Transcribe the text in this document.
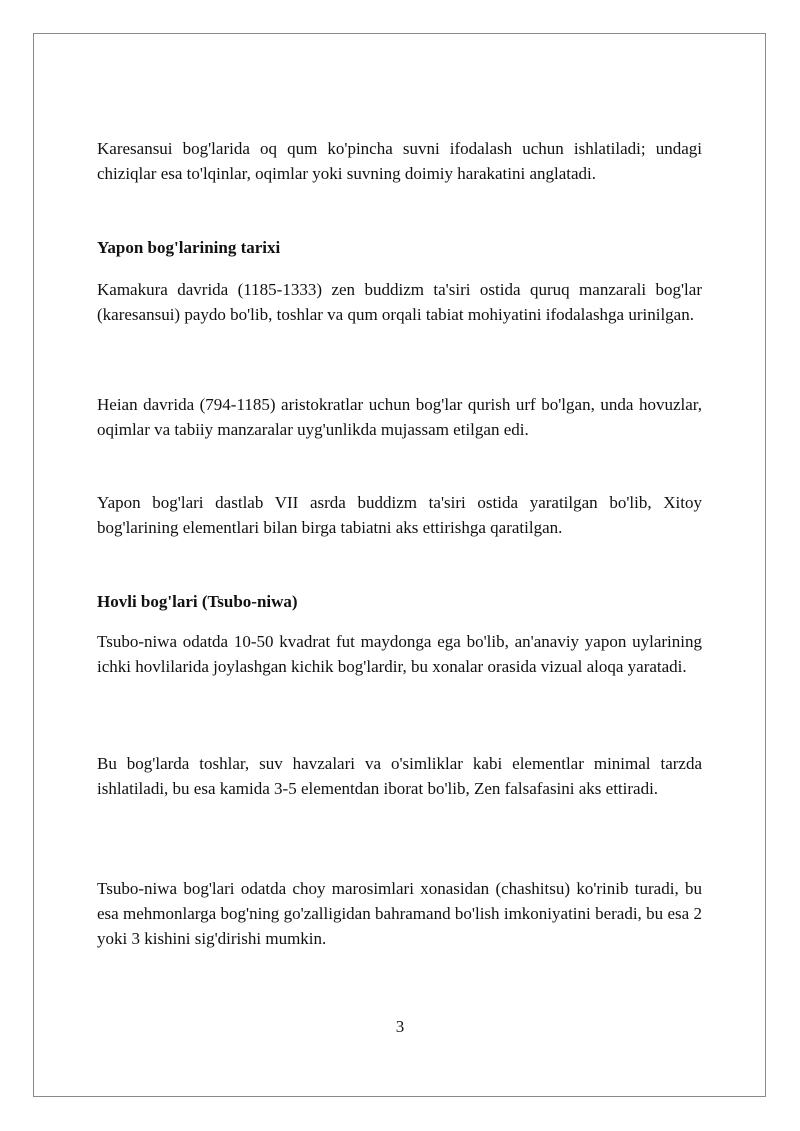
Karesansui bog'larida oq qum ko'pincha suvni ifodalash uchun ishlatiladi; undagi chiziqlar esa to'lqinlar, oqimlar yoki suvning doimiy harakatini anglatadi.

Yapon bog'larining tarixi

Kamakura davrida (1185-1333) zen buddizm ta'siri ostida quruq manzarali bog'lar (karesansui) paydo bo'lib, toshlar va qum orqali tabiat mohiyatini ifodalashga urinilgan.

Heian davrida (794-1185) aristokratlar uchun bog'lar qurish urf bo'lgan, unda hovuzlar, oqimlar va tabiiy manzaralar uyg'unlikda mujassam etilgan edi.

Yapon bog'lari dastlab VII asrda buddizm ta'siri ostida yaratilgan bo'lib, Xitoy bog'larining elementlari bilan birga tabiatni aks ettirishga qaratilgan.

Hovli bog'lari (Tsubo-niwa)

Tsubo-niwa odatda 10-50 kvadrat fut maydonga ega bo'lib, an'anaviy yapon uylarining ichki hovlilarida joylashgan kichik bog'lardir, bu xonalar orasida vizual aloqa yaratadi.

Bu bog'larda toshlar, suv havzalari va o'simliklar kabi elementlar minimal tarzda ishlatiladi, bu esa kamida 3-5 elementdan iborat bo'lib, Zen falsafasini aks ettiradi.

Tsubo-niwa bog'lari odatda choy marosimlari xonasidan (chashitsu) ko'rinib turadi, bu esa mehmonlarga bog'ning go'zalligidan bahramand bo'lish imkoniyatini beradi, bu esa 2 yoki 3 kishini sig'dirishi mumkin.

3
